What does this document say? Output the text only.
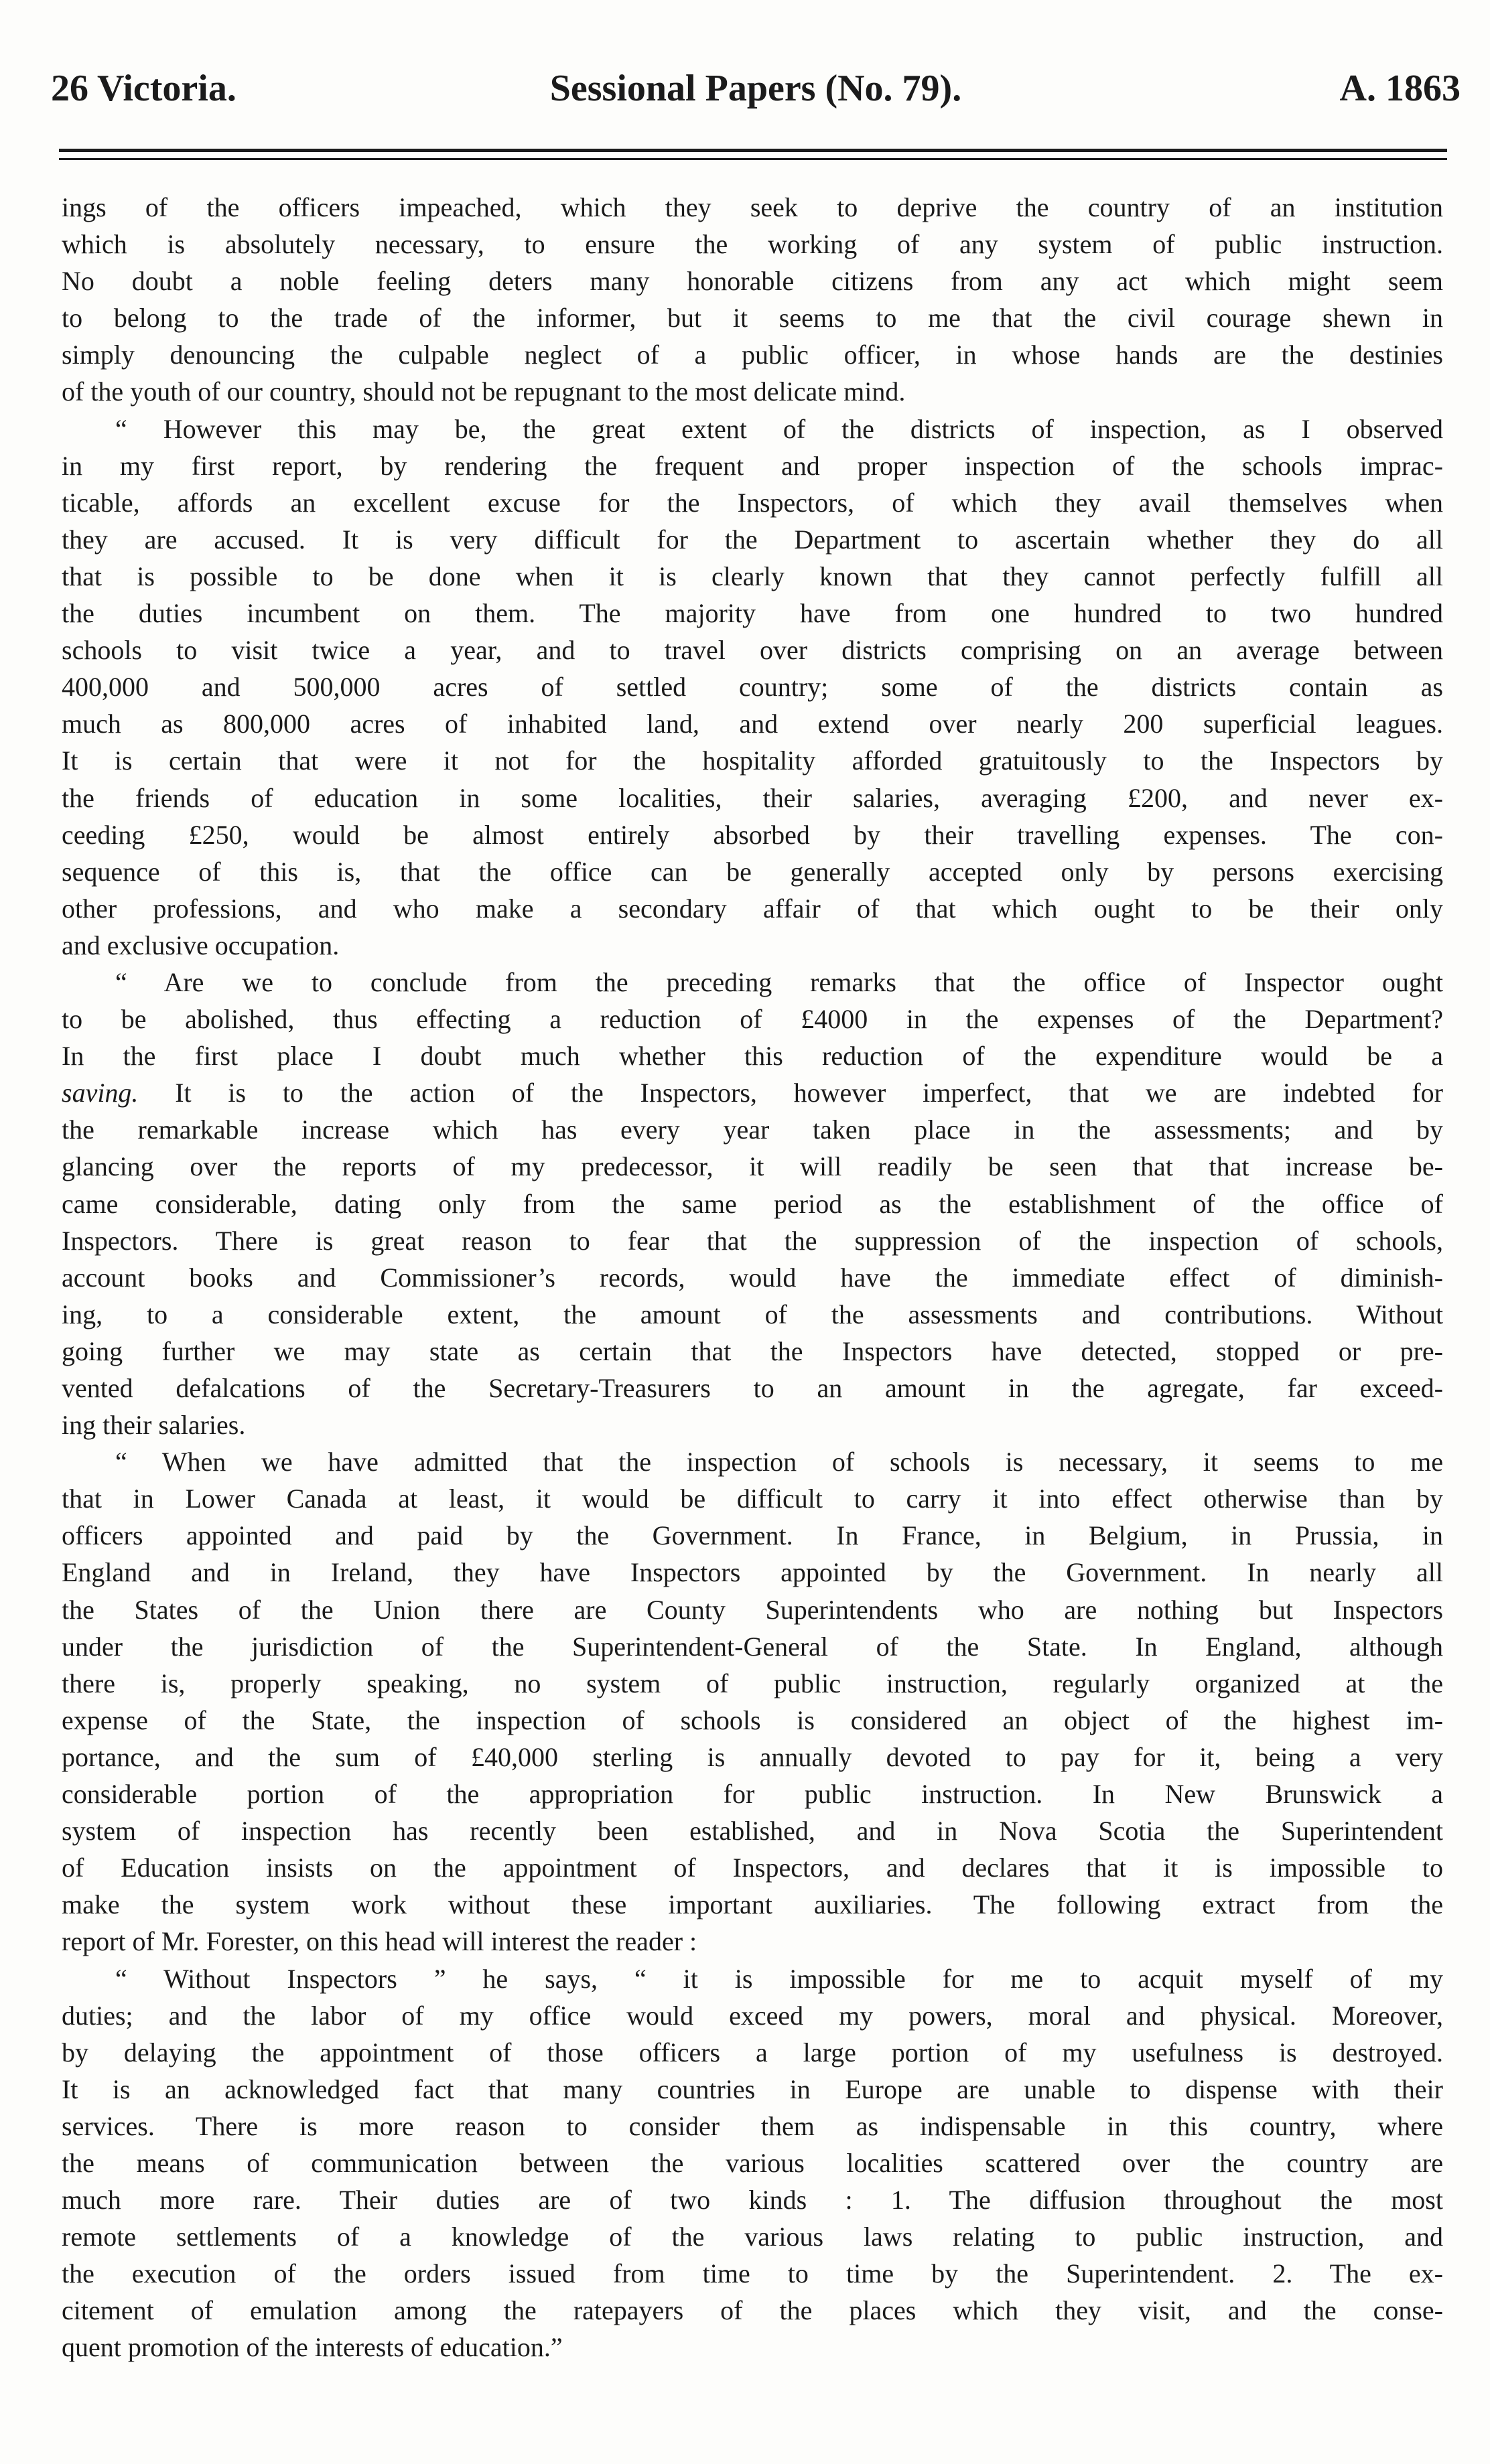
26 Victoria.	Sessional Papers (No. 79).	A. 1863
ings of the officers impeached, which they seek to deprive the country of an institution
which is absolutely necessary, to ensure the working of any system of public instruction.
No doubt a noble feeling deters many honorable citizens from any act which might seem
to belong to the trade of the informer, but it seems to me that the civil courage shewn in
simply denouncing the culpable neglect of a public officer, in whose hands are the destinies
of the youth of our country, should not be repugnant to the most delicate mind.
“ However this may be, the great extent of the districts of inspection, as I observed
in my first report, by rendering the frequent and proper inspection of the schools imprac-
ticable, affords an excellent excuse for the Inspectors, of which they avail themselves when
they are accused. It is very difficult for the Department to ascertain whether they do all
that is possible to be done when it is clearly known that they cannot perfectly fulfill all
the duties incumbent on them. The majority have from one hundred to two hundred
schools to visit twice a year, and to travel over districts comprising on an average between
400,000 and 500,000 acres of settled country; some of the districts contain as
much as 800,000 acres of inhabited land, and extend over nearly 200 superficial leagues.
It is certain that were it not for the hospitality afforded gratuitously to the Inspectors by
the friends of education in some localities, their salaries, averaging £200, and never ex-
ceeding £250, would be almost entirely absorbed by their travelling expenses. The con-
sequence of this is, that the office can be generally accepted only by persons exercising
other professions, and who make a secondary affair of that which ought to be their only
and exclusive occupation.
“ Are we to conclude from the preceding remarks that the office of Inspector ought
to be abolished, thus effecting a reduction of £4000 in the expenses of the Department?
In the first place I doubt much whether this reduction of the expenditure would be a
saving. It is to the action of the Inspectors, however imperfect, that we are indebted for
the remarkable increase which has every year taken place in the assessments; and by
glancing over the reports of my predecessor, it will readily be seen that that increase be-
came considerable, dating only from the same period as the establishment of the office of
Inspectors. There is great reason to fear that the suppression of the inspection of schools,
account books and Commissioner’s records, would have the immediate effect of diminish-
ing, to a considerable extent, the amount of the assessments and contributions. Without
going further we may state as certain that the Inspectors have detected, stopped or pre-
vented defalcations of the Secretary-Treasurers to an amount in the agregate, far exceed-
ing their salaries.
“ When we have admitted that the inspection of schools is necessary, it seems to me
that in Lower Canada at least, it would be difficult to carry it into effect otherwise than by
officers appointed and paid by the Government. In France, in Belgium, in Prussia, in
England and in Ireland, they have Inspectors appointed by the Government. In nearly all
the States of the Union there are County Superintendents who are nothing but Inspectors
under the jurisdiction of the Superintendent-General of the State. In England, although
there is, properly speaking, no system of public instruction, regularly organized at the
expense of the State, the inspection of schools is considered an object of the highest im-
portance, and the sum of £40,000 sterling is annually devoted to pay for it, being a very
considerable portion of the appropriation for public instruction. In New Brunswick a
system of inspection has recently been established, and in Nova Scotia the Superintendent
of Education insists on the appointment of Inspectors, and declares that it is impossible to
make the system work without these important auxiliaries. The following extract from the
report of Mr. Forester, on this head will interest the reader :
“ Without Inspectors ” he says, “ it is impossible for me to acquit myself of my
duties; and the labor of my office would exceed my powers, moral and physical. Moreover,
by delaying the appointment of those officers a large portion of my usefulness is destroyed.
It is an acknowledged fact that many countries in Europe are unable to dispense with their
services. There is more reason to consider them as indispensable in this country, where
the means of communication between the various localities scattered over the country are
much more rare. Their duties are of two kinds : 1. The diffusion throughout the most
remote settlements of a knowledge of the various laws relating to public instruction, and
the execution of the orders issued from time to time by the Superintendent. 2. The ex-
citement of emulation among the ratepayers of the places which they visit, and the conse-
quent promotion of the interests of education.”
